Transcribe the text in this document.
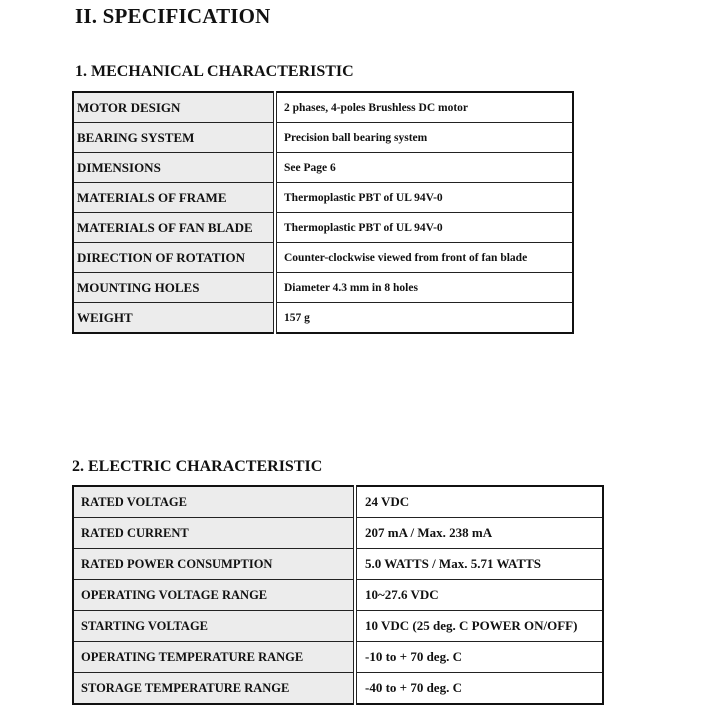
II. SPECIFICATION
1. MECHANICAL CHARACTERISTIC
MOTOR DESIGN	2 phases, 4-poles Brushless DC motor
BEARING SYSTEM	Precision ball bearing system
DIMENSIONS	See Page 6
MATERIALS OF FRAME	Thermoplastic PBT of UL 94V-0
MATERIALS OF FAN BLADE	Thermoplastic PBT of UL 94V-0
DIRECTION OF ROTATION	Counter-clockwise viewed from front of fan blade
MOUNTING HOLES	Diameter 4.3 mm in 8 holes
WEIGHT	157 g
2. ELECTRIC CHARACTERISTIC
RATED VOLTAGE	24 VDC
RATED CURRENT	207 mA / Max. 238 mA
RATED POWER CONSUMPTION	5.0 WATTS / Max. 5.71 WATTS
OPERATING VOLTAGE RANGE	10~27.6 VDC
STARTING VOLTAGE	10 VDC (25 deg. C POWER ON/OFF)
OPERATING TEMPERATURE RANGE	-10 to + 70 deg. C
STORAGE TEMPERATURE RANGE	-40 to + 70 deg. C
